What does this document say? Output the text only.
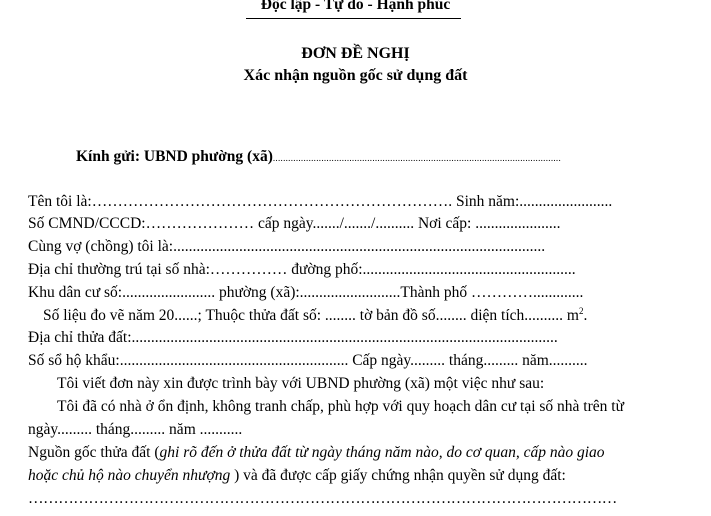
Độc lập - Tự do - Hạnh phúc
ĐƠN ĐỀ NGHỊ
Xác nhận nguồn gốc sử dụng đất
Kính gửi: UBND phường (xã).................................................................................................................
Tên tôi là:……………………………………………………………. Sinh năm:........................
Số CMND/CCCD:………………… cấp ngày......./......./.......... Nơi cấp: ......................
Cùng vợ (chồng) tôi là:................................................................................................
Địa chỉ thường trú tại số nhà:…………… đường phố:.......................................................
Khu dân cư số:........................ phường (xã):..........................Thành phố ………….............
Số liệu đo vẽ năm 20......; Thuộc thửa đất số: ........ tờ bản đồ số........ diện tích.......... $m^2$.
Địa chỉ thửa đất:..............................................................................................................
Số sổ hộ khẩu:........................................................... Cấp ngày......... tháng......... năm..........
Tôi viết đơn này xin được trình bày với UBND phường (xã) một việc như sau:
Tôi đã có nhà ở ổn định, không tranh chấp, phù hợp với quy hoạch dân cư tại số nhà trên từ
ngày......... tháng......... năm ...........
Nguồn gốc thửa đất (ghi rõ đến ở thửa đất từ ngày tháng năm nào, do cơ quan, cấp nào giao
hoặc chủ hộ nào chuyển nhượng ) và đã được cấp giấy chứng nhận quyền sử dụng đất:
………………………………………………………………………………………………………
